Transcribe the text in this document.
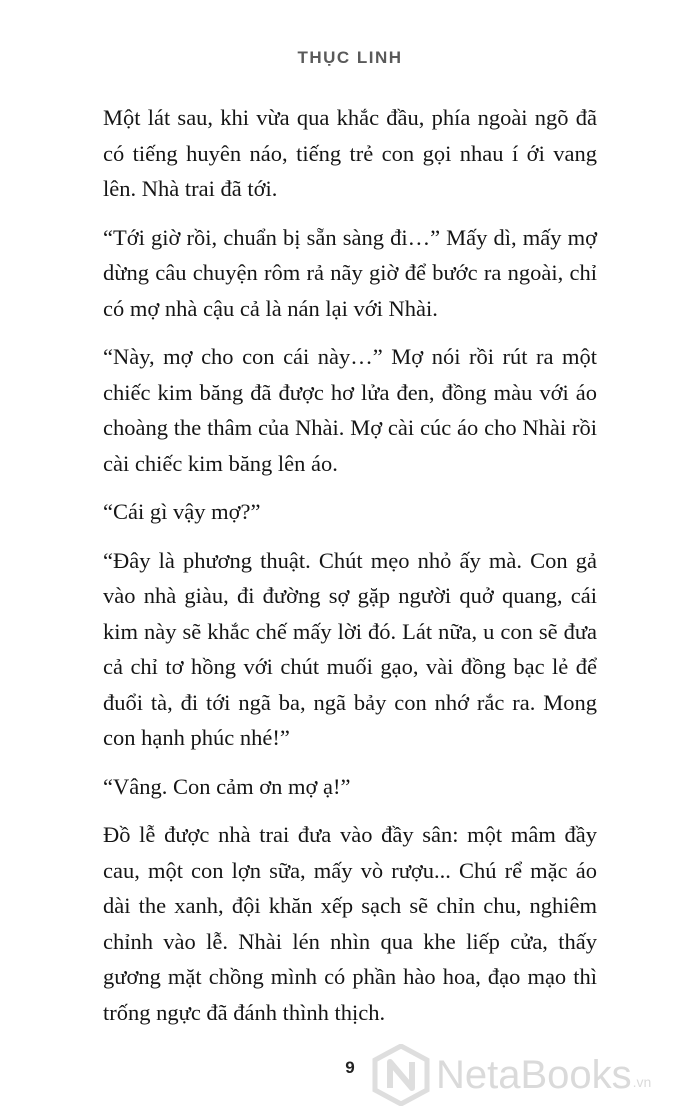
THỤC LINH

Một lát sau, khi vừa qua khắc đầu, phía ngoài ngõ đã có tiếng huyên náo, tiếng trẻ con gọi nhau í ới vang lên. Nhà trai đã tới.

“Tới giờ rồi, chuẩn bị sẵn sàng đi…” Mấy dì, mấy mợ dừng câu chuyện rôm rả nãy giờ để bước ra ngoài, chỉ có mợ nhà cậu cả là nán lại với Nhài.

“Này, mợ cho con cái này…” Mợ nói rồi rút ra một chiếc kim băng đã được hơ lửa đen, đồng màu với áo choàng the thâm của Nhài. Mợ cài cúc áo cho Nhài rồi cài chiếc kim băng lên áo.

“Cái gì vậy mợ?”

“Đây là phương thuật. Chút mẹo nhỏ ấy mà. Con gả vào nhà giàu, đi đường sợ gặp người quở quang, cái kim này sẽ khắc chế mấy lời đó. Lát nữa, u con sẽ đưa cả chỉ tơ hồng với chút muối gạo, vài đồng bạc lẻ để đuổi tà, đi tới ngã ba, ngã bảy con nhớ rắc ra. Mong con hạnh phúc nhé!”

“Vâng. Con cảm ơn mợ ạ!”

Đồ lễ được nhà trai đưa vào đầy sân: một mâm đầy cau, một con lợn sữa, mấy vò rượu... Chú rể mặc áo dài the xanh, đội khăn xếp sạch sẽ chỉn chu, nghiêm chỉnh vào lễ. Nhài lén nhìn qua khe liếp cửa, thấy gương mặt chồng mình có phần hào hoa, đạo mạo thì trống ngực đã đánh thình thịch.

9	NetaBooks .vn
